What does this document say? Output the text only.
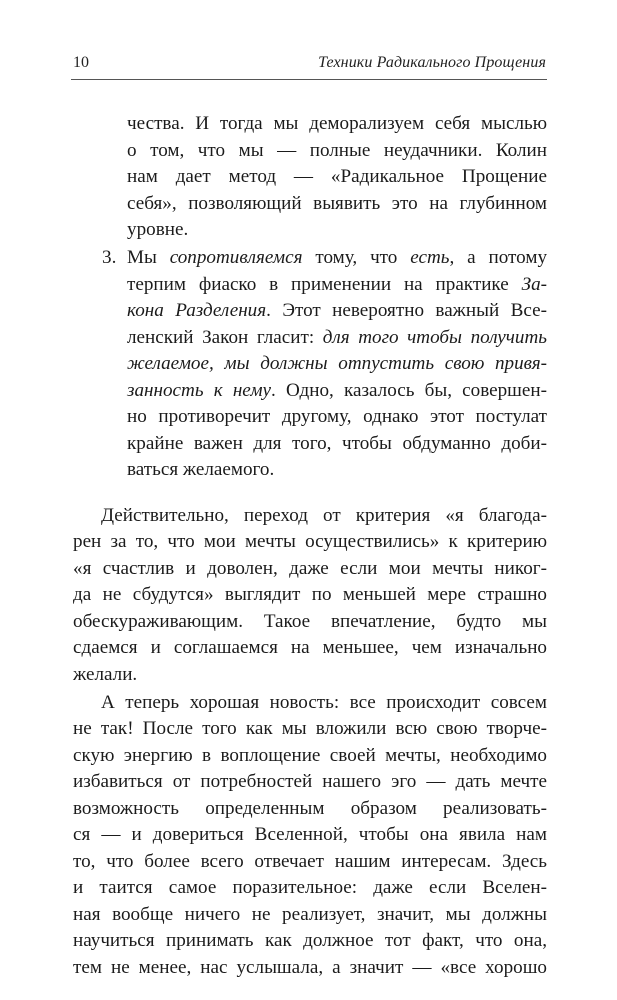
10	Техники Радикального Прощения
чества. И тогда мы деморализуем себя мыслью
о том, что мы — полные неудачники. Колин
нам дает метод — «Радикальное Прощение
себя», позволяющий выявить это на глубинном
уровне.
3. Мы сопротивляемся тому, что есть, а потому
терпим фиаско в применении на практике За-
кона Разделения. Этот невероятно важный Все-
ленский Закон гласит: для того чтобы получить
желаемое, мы должны отпустить свою привя-
занность к нему. Одно, казалось бы, совершен-
но противоречит другому, однако этот постулат
крайне важен для того, чтобы обдуманно доби-
ваться желаемого.
Действительно, переход от критерия «я благода-
рен за то, что мои мечты осуществились» к критерию
«я счастлив и доволен, даже если мои мечты никог-
да не сбудутся» выглядит по меньшей мере страшно
обескураживающим. Такое впечатление, будто мы
сдаемся и соглашаемся на меньшее, чем изначально
желали.
А теперь хорошая новость: все происходит совсем
не так! После того как мы вложили всю свою творче-
скую энергию в воплощение своей мечты, необходимо
избавиться от потребностей нашего эго — дать мечте
возможность определенным образом реализовать-
ся — и довериться Вселенной, чтобы она явила нам
то, что более всего отвечает нашим интересам. Здесь
и таится самое поразительное: даже если Вселен-
ная вообще ничего не реализует, значит, мы должны
научиться принимать как должное тот факт, что она,
тем не менее, нас услышала, а значит — «все хорошо
